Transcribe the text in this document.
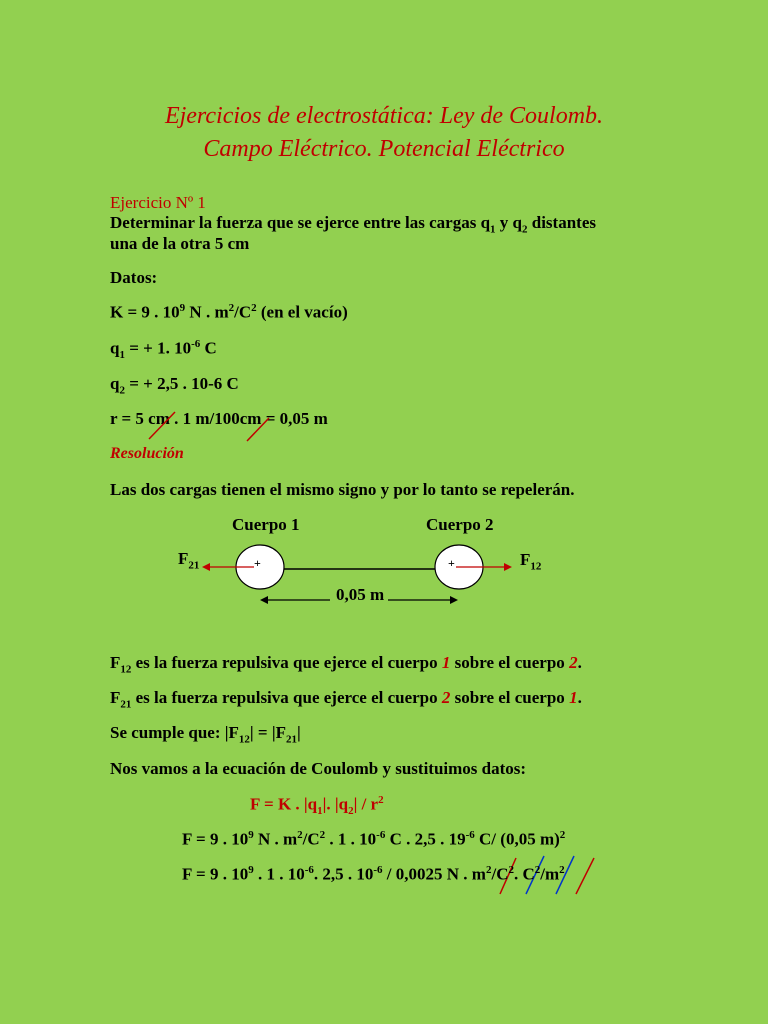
Ejercicios de electrostática: Ley de Coulomb.
Campo Eléctrico. Potencial Eléctrico
Ejercicio Nº 1
Determinar la fuerza que se ejerce entre las cargas $q_1$ y $q_2$ distantes
una de la otra 5 cm
Datos:
K = 9 . $10^9$ N . $m^2/C^2$ (en el vacío)
$q_1$ = + 1. $10^{-6}$ C
$q_2$ = + 2,5 . 10-6 C
r = 5 cm . 1 m/100cm = 0,05 m
Resolución
Las dos cargas tienen el mismo signo y por lo tanto se repelerán.
Cuerpo 1	Cuerpo 2
$F_{21}$	$F_{12}$
0,05 m
+	+
$F_{12}$ es la fuerza repulsiva que ejerce el cuerpo 1 sobre el cuerpo 2.
$F_{21}$ es la fuerza repulsiva que ejerce el cuerpo 2 sobre el cuerpo 1.
Se cumple que: $|F_{12}| = |F_{21}|$
Nos vamos a la ecuación de Coulomb y sustituimos datos:
F = K . $|q_1|$. $|q_2| / r^2$
F = 9 . $10^9$ N . $m^2/C^2$ . 1 . $10^{-6}$ C . 2,5 . $19^{-6}$ C/ (0,05 m)$^2$
F = 9 . $10^9$ . 1 . $10^{-6}$. 2,5 . $10^{-6} / 0,0025$ N . $m^2/C^2$. $C^2/m^2$
